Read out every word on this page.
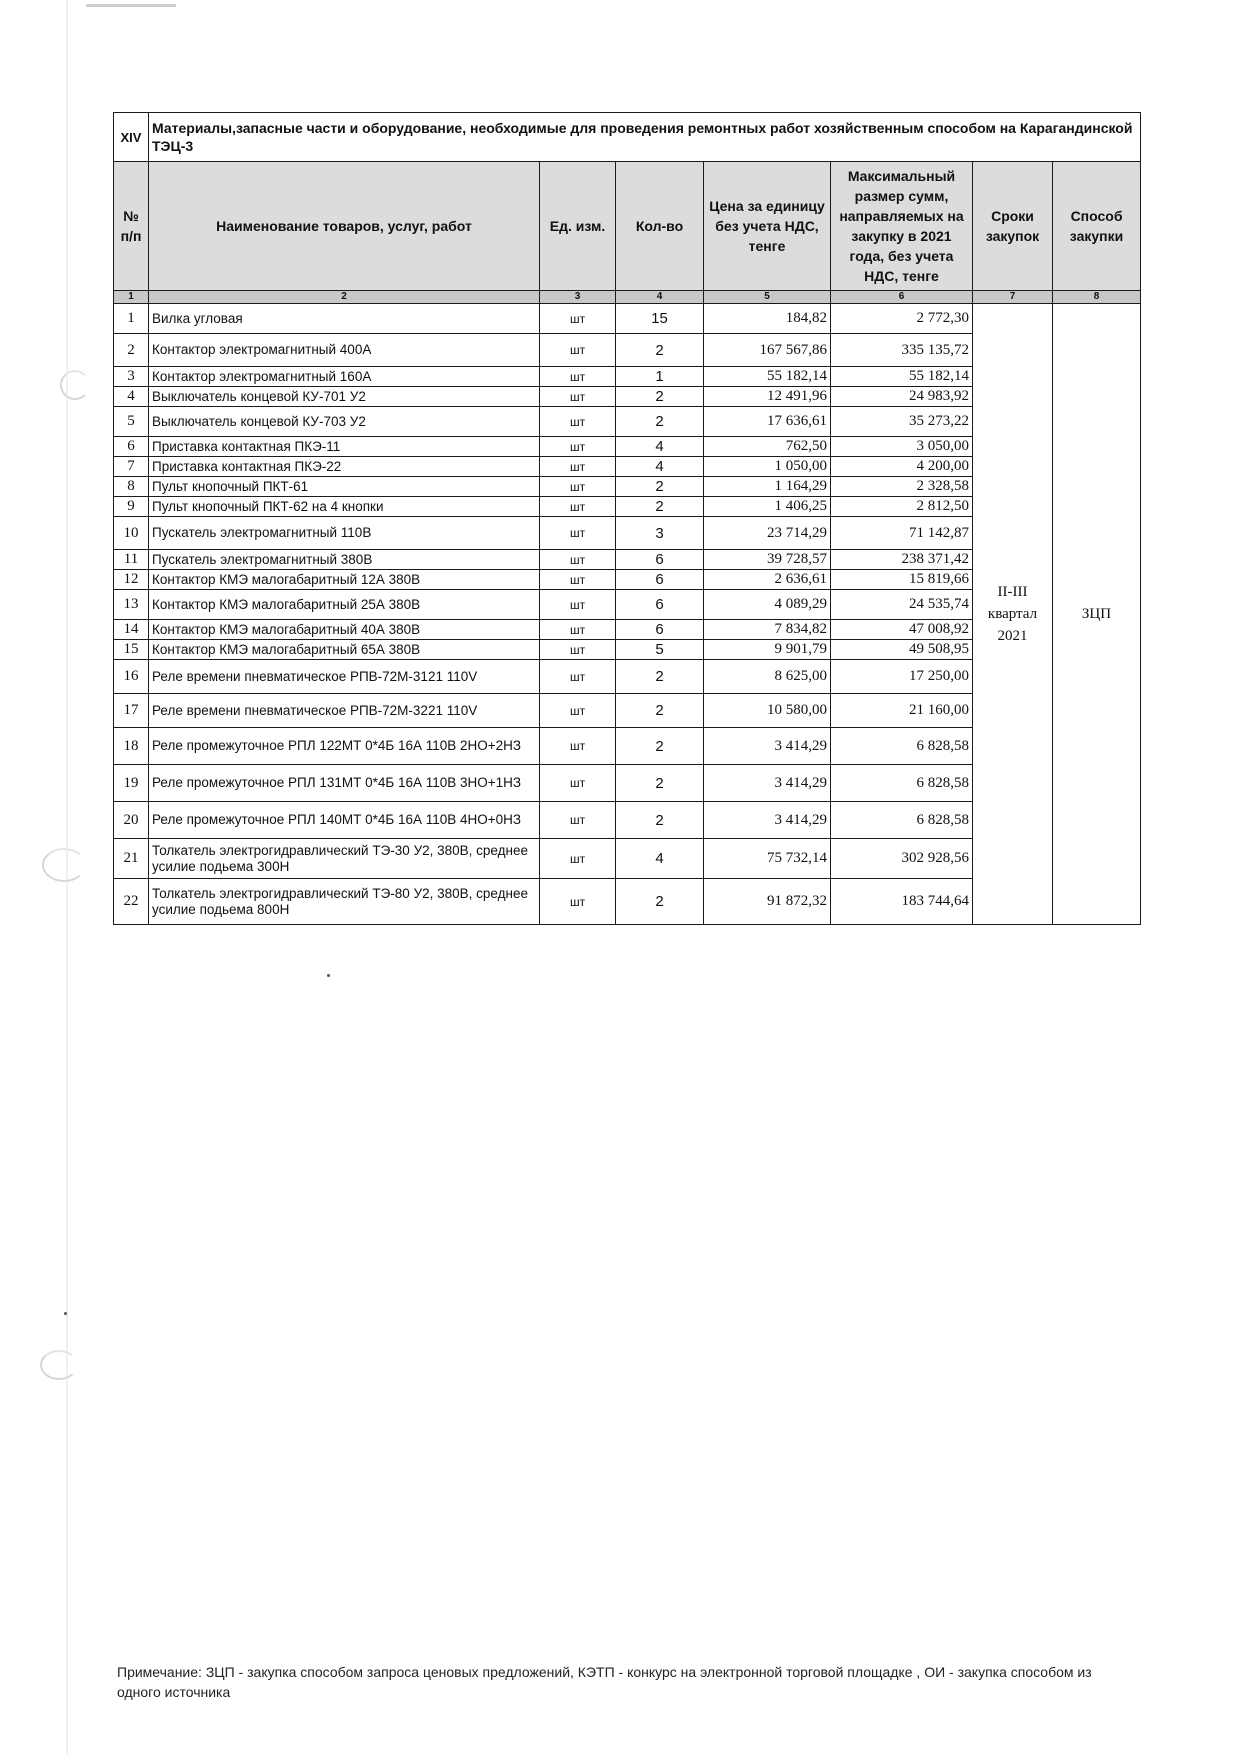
XIV	Материалы,запасные части и оборудование, необходимые для проведения ремонтных работ хозяйственным способом на Карагандинской ТЭЦ-3						
№ п/п	Наименование товаров, услуг, работ	Ед. изм.	Кол-во	Цена за единицу без учета НДС, тенге	Максимальный размер сумм, направляемых на закупку в 2021 года, без учета НДС, тенге	Сроки закупок	Способ закупки
1	2	3	4	5	6	7	8
1	Вилка угловая	шт	15	184,82	2 772,30	II-III квартал 2021	ЗЦП
2	Контактор электромагнитный 400А	шт	2	167 567,86	335 135,72		
3	Контактор электромагнитный 160А	шт	1	55 182,14	55 182,14		
4	Выключатель концевой КУ-701 У2	шт	2	12 491,96	24 983,92		
5	Выключатель концевой КУ-703 У2	шт	2	17 636,61	35 273,22		
6	Приставка контактная ПКЭ-11	шт	4	762,50	3 050,00		
7	Приставка контактная ПКЭ-22	шт	4	1 050,00	4 200,00		
8	Пульт кнопочный ПКТ-61	шт	2	1 164,29	2 328,58		
9	Пульт кнопочный ПКТ-62 на 4 кнопки	шт	2	1 406,25	2 812,50		
10	Пускатель электромагнитный 110В	шт	3	23 714,29	71 142,87		
11	Пускатель электромагнитный 380В	шт	6	39 728,57	238 371,42		
12	Контактор КМЭ малогабаритный 12А 380В	шт	6	2 636,61	15 819,66		
13	Контактор КМЭ малогабаритный 25А 380В	шт	6	4 089,29	24 535,74		
14	Контактор КМЭ малогабаритный 40А 380В	шт	6	7 834,82	47 008,92		
15	Контактор КМЭ малогабаритный 65А 380В	шт	5	9 901,79	49 508,95		
16	Реле времени пневматическое РПВ-72М-3121 110V	шт	2	8 625,00	17 250,00		
17	Реле времени пневматическое РПВ-72М-3221 110V	шт	2	10 580,00	21 160,00		
18	Реле промежуточное РПЛ 122МТ 0*4Б 16А 110В 2НО+2НЗ	шт	2	3 414,29	6 828,58		
19	Реле промежуточное РПЛ 131МТ 0*4Б 16А 110В 3НО+1НЗ	шт	2	3 414,29	6 828,58		
20	Реле промежуточное РПЛ 140МТ 0*4Б 16А 110В 4НО+0НЗ	шт	2	3 414,29	6 828,58		
21	Толкатель электрогидравлический ТЭ-30 У2, 380В, среднее усилие подьема 300Н	шт	4	75 732,14	302 928,56		
22	Толкатель электрогидравлический ТЭ-80 У2, 380В, среднее усилие подьема 800Н	шт	2	91 872,32	183 744,64		
Примечание: ЗЦП - закупка способом запроса ценовых предложений, КЭТП - конкурс на электронной торговой площадке , ОИ - закупка способом из одного источника
